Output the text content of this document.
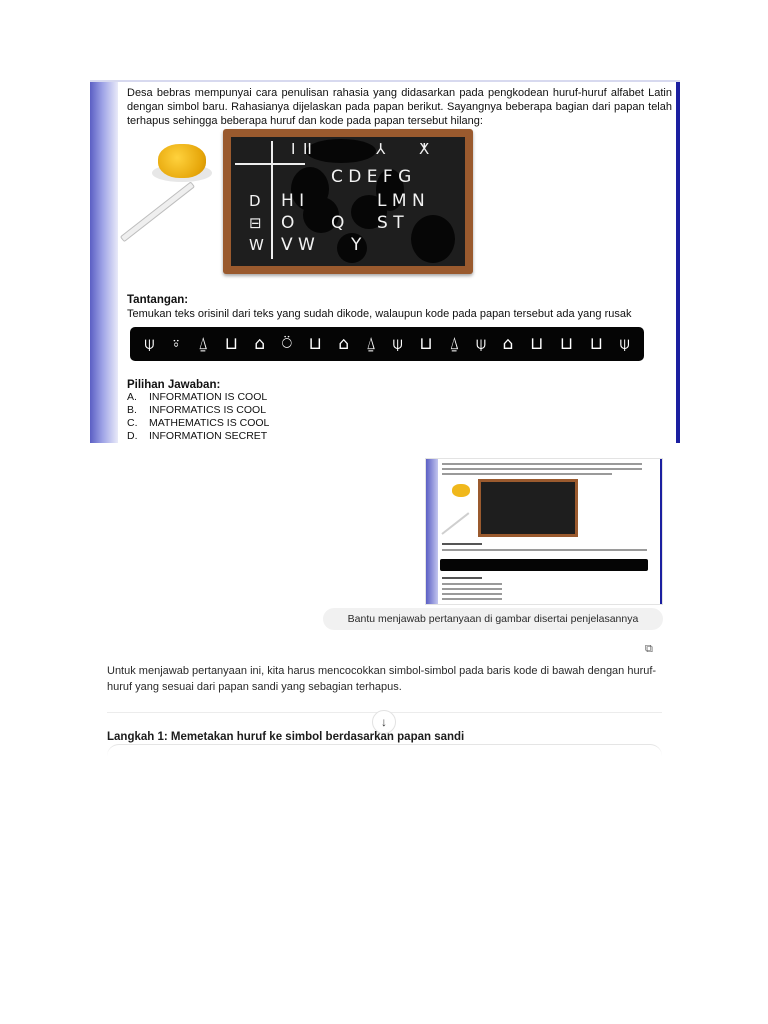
Desa bebras mempunyai cara penulisan rahasia yang didasarkan pada pengkodean huruf-huruf alfabet Latin dengan simbol baru. Rahasianya dijelaskan pada papan berikut. Sayangnya beberapa bagian dari papan telah terhapus sehingga beberapa huruf dan kode pada papan tersebut hilang:
I II	⅄ ⵅ
C D E F G
D H I	L M N
⊟ O Q S T
W V W Y
Tantangan:
Temukan teks orisinil dari teks yang sudah dikode, walaupun kode pada papan tersebut ada yang rusak
⍦ ⍤ ⍙ ⊔ ⌂ ⍥ ⊔ ⌂ ⍙ ⍦ ⊔ ⍙ ⍦ ⌂ ⊔ ⊔ ⊔ ⍦
Pilihan Jawaban:
A. INFORMATION IS COOL
B. INFORMATICS IS COOL
C. MATHEMATICS IS COOL
D. INFORMATION SECRET
Bantu menjawab pertanyaan di gambar disertai penjelasannya
⧉
Untuk menjawab pertanyaan ini, kita harus mencocokkan simbol-simbol pada baris kode di bawah dengan huruf-huruf yang sesuai dari papan sandi yang sebagian terhapus.
↓
Langkah 1: Memetakan huruf ke simbol berdasarkan papan sandi
